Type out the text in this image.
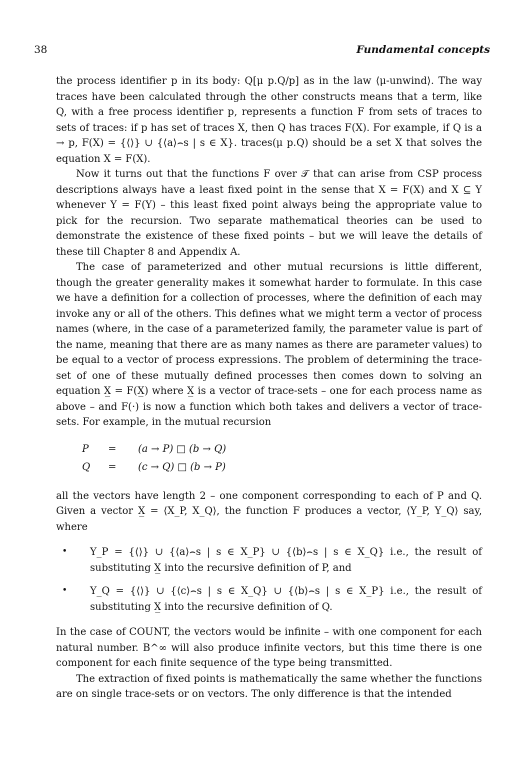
38	Fundamental concepts

the process identifier p in its body: Q[μ p.Q/p] as in the law ⟨μ-unwind⟩. The way traces have been calculated through the other constructs means that a term, like Q, with a free process identifier p, represents a function F from sets of traces to sets of traces: if p has set of traces X, then Q has traces F(X). For example, if Q is a → p, F(X) = {⟨⟩} ∪ {⟨a⟩⌢s | s ∈ X}. traces(μ p.Q) should be a set X that solves the equation X = F(X).

Now it turns out that the functions F over 𝒯 that can arise from CSP process descriptions always have a least fixed point in the sense that X = F(X) and X ⊆ Y whenever Y = F(Y) – this least fixed point always being the appropriate value to pick for the recursion. Two separate mathematical theories can be used to demonstrate the existence of these fixed points – but we will leave the details of these till Chapter 8 and Appendix A.

The case of parameterized and other mutual recursions is little different, though the greater generality makes it somewhat harder to formulate. In this case we have a definition for a collection of processes, where the definition of each may invoke any or all of the others. This defines what we might term a vector of process names (where, in the case of a parameterized family, the parameter value is part of the name, meaning that there are as many names as there are parameter values) to be equal to a vector of process expressions. The problem of determining the trace-set of one of these mutually defined processes then comes down to solving an equation X̲ = F(X̲) where X̲ is a vector of trace-sets – one for each process name as above – and F(·) is now a function which both takes and delivers a vector of trace-sets. For example, in the mutual recursion

P	=	(a → P) □ (b → Q)
Q	=	(c → Q) □ (b → P)

all the vectors have length 2 – one component corresponding to each of P and Q. Given a vector X̲ = ⟨X_P, X_Q⟩, the function F produces a vector, ⟨Y_P, Y_Q⟩ say, where

• Y_P = {⟨⟩} ∪ {⟨a⟩⌢s | s ∈ X_P} ∪ {⟨b⟩⌢s | s ∈ X_Q} i.e., the result of substituting X̲ into the recursive definition of P, and
• Y_Q = {⟨⟩} ∪ {⟨c⟩⌢s | s ∈ X_Q} ∪ {⟨b⟩⌢s | s ∈ X_P} i.e., the result of substituting X̲ into the recursive definition of Q.

In the case of COUNT, the vectors would be infinite – with one component for each natural number. B^∞ will also produce infinite vectors, but this time there is one component for each finite sequence of the type being transmitted.

The extraction of fixed points is mathematically the same whether the functions are on single trace-sets or on vectors. The only difference is that the intended
